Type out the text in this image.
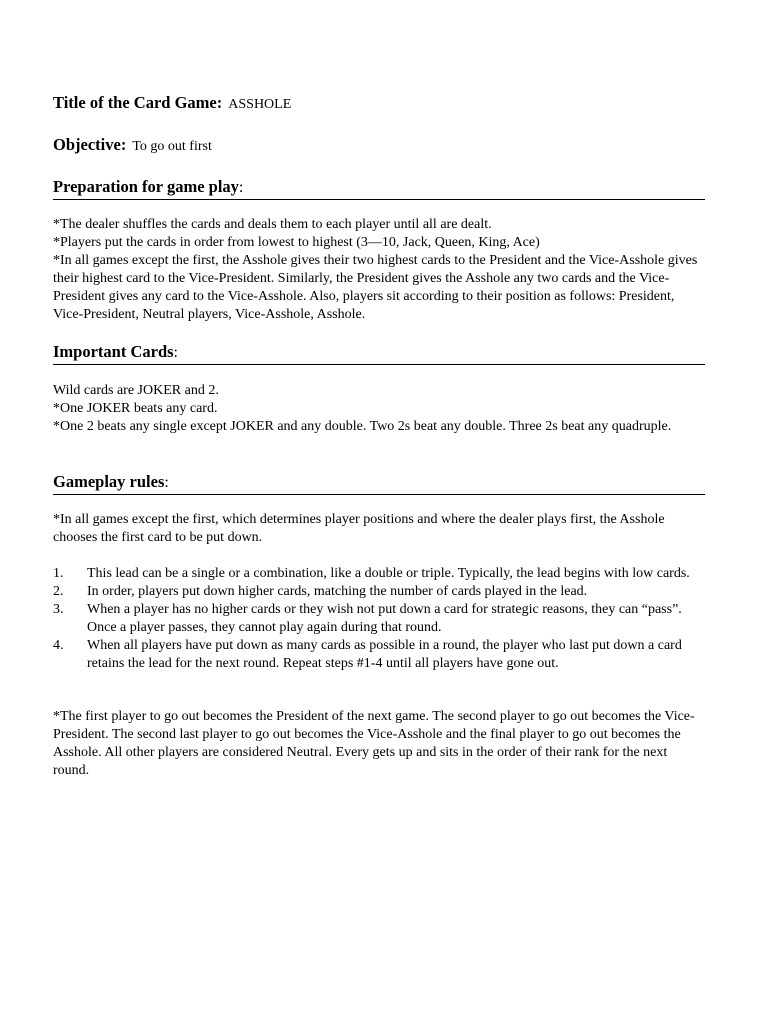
Title of the Card Game: ASSHOLE
Objective: To go out first
Preparation for game play:

*The dealer shuffles the cards and deals them to each player until all are dealt.

*Players put the cards in order from lowest to highest (3—10, Jack, Queen, King, Ace)

*In all games except the first, the Asshole gives their two highest cards to the President and the Vice-Asshole gives their highest card to the Vice-President. Similarly, the President gives the Asshole any two cards and the Vice-President gives any card to the Vice-Asshole. Also, players sit according to their position as follows: President, Vice-President, Neutral players, Vice-Asshole, Asshole.

Important Cards:

Wild cards are JOKER and 2.

*One JOKER beats any card.

*One 2 beats any single except JOKER and any double. Two 2s beat any double. Three 2s beat any quadruple.

Gameplay rules:

*In all games except the first, which determines player positions and where the dealer plays first, the Asshole chooses the first card to be put down.

1. This lead can be a single or a combination, like a double or triple. Typically, the lead begins with low cards.
2. In order, players put down higher cards, matching the number of cards played in the lead.
3. When a player has no higher cards or they wish not put down a card for strategic reasons, they can “pass”. Once a player passes, they cannot play again during that round.
4. When all players have put down as many cards as possible in a round, the player who last put down a card retains the lead for the next round. Repeat steps #1-4 until all players have gone out.

*The first player to go out becomes the President of the next game. The second player to go out becomes the Vice-President. The second last player to go out becomes the Vice-Asshole and the final player to go out becomes the Asshole. All other players are considered Neutral. Every gets up and sits in the order of their rank for the next round.
